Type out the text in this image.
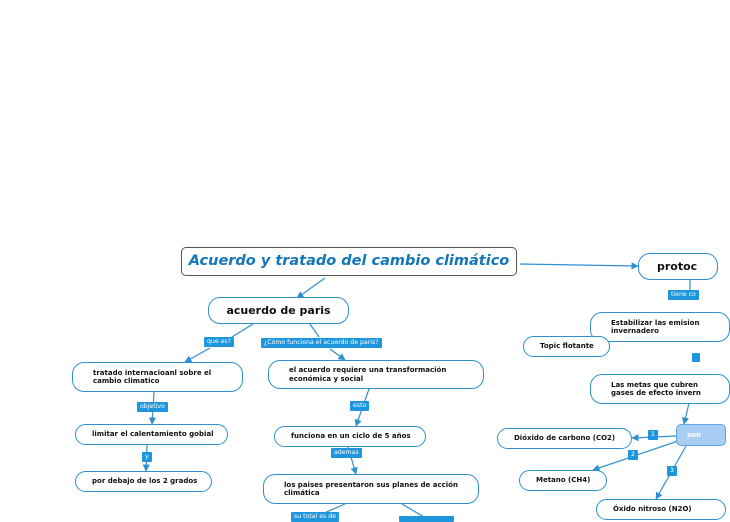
Acuerdo y tratado del cambio climático
acuerdo de paris
protoc
tratado internacioanl sobre el cambio climatico
limitar el calentamiento gobial
por debajo de los 2 grados
el acuerdo requiere una transformación económica y social
funciona en un ciclo de 5 años
los paises presentaron sus planes de acción climática
Estabilizar las emision invernadero
Topic flotante
Las metas que cubren gases de efecto invern
son
Dióxido de carbono (CO2)
Metano (CH4)
Óxido nitroso (N2O)
que es?	¿Cómo funciona el acuerdo de paris?
objetivo
y
esto
ademas
su total es de
tiene co
1
2
3
